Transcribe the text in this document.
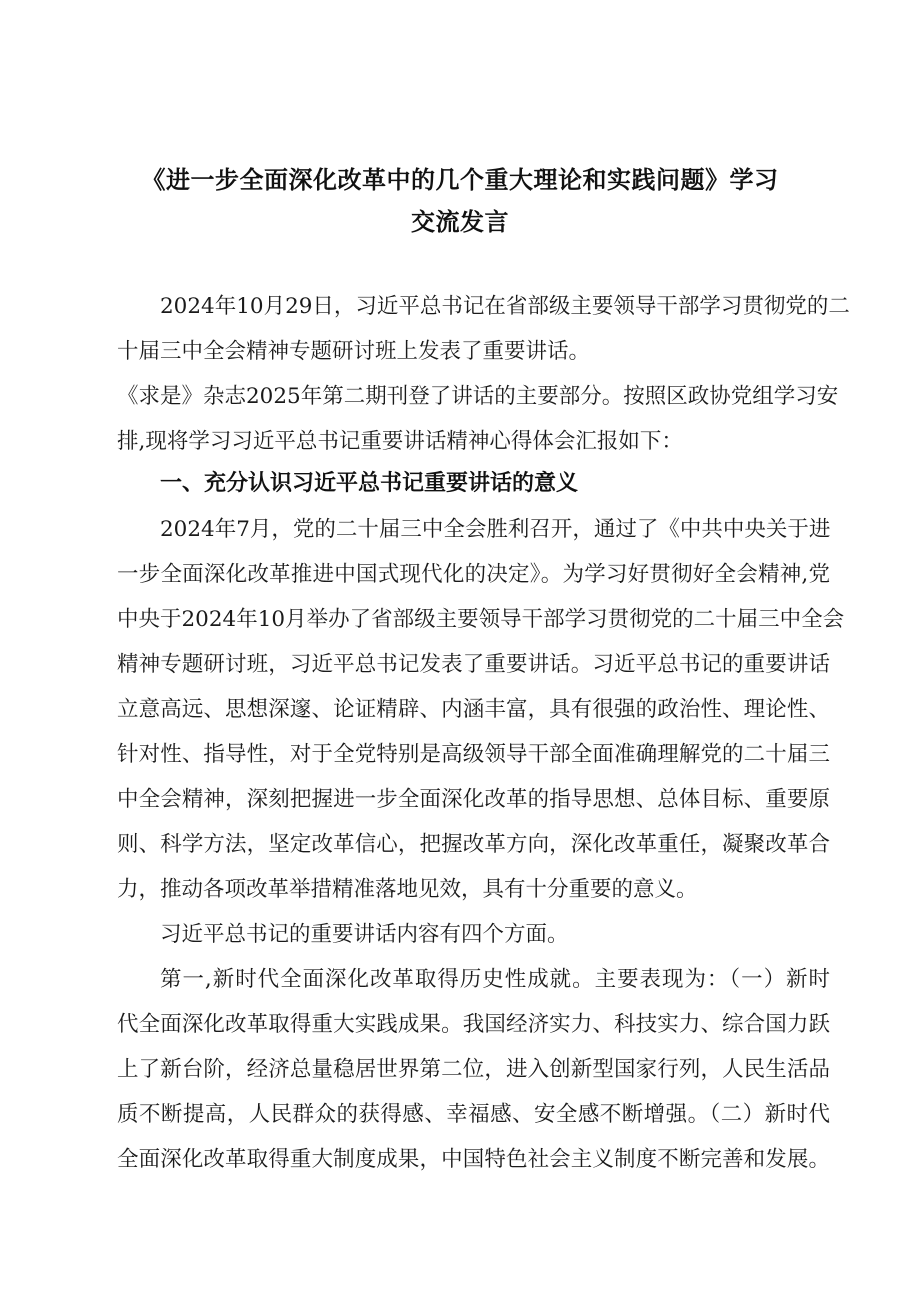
《进一步全面深化改革中的几个重大理论和实践问题》学习
交流发言

2024年10月29日，习近平总书记在省部级主要领导干部学习贯彻党的二

十届三中全会精神专题研讨班上发表了重要讲话。

《求是》杂志2025年第二期刊登了讲话的主要部分。按照区政协党组学习安

排,现将学习习近平总书记重要讲话精神心得体会汇报如下：

一、充分认识习近平总书记重要讲话的意义

2024年7月，党的二十届三中全会胜利召开，通过了《中共中央关于进

一步全面深化改革推进中国式现代化的决定》。为学习好贯彻好全会精神,党

中央于2024年10月举办了省部级主要领导干部学习贯彻党的二十届三中全会

精神专题研讨班，习近平总书记发表了重要讲话。习近平总书记的重要讲话

立意高远、思想深邃、论证精辟、内涵丰富，具有很强的政治性、理论性、

针对性、指导性，对于全党特别是高级领导干部全面准确理解党的二十届三

中全会精神，深刻把握进一步全面深化改革的指导思想、总体目标、重要原

则、科学方法，坚定改革信心，把握改革方向，深化改革重任，凝聚改革合

力，推动各项改革举措精准落地见效，具有十分重要的意义。

习近平总书记的重要讲话内容有四个方面。

第一,新时代全面深化改革取得历史性成就。主要表现为：（一）新时

代全面深化改革取得重大实践成果。我国经济实力、科技实力、综合国力跃

上了新台阶，经济总量稳居世界第二位，进入创新型国家行列，人民生活品

质不断提高，人民群众的获得感、幸福感、安全感不断增强。（二）新时代

全面深化改革取得重大制度成果，中国特色社会主义制度不断完善和发展。
